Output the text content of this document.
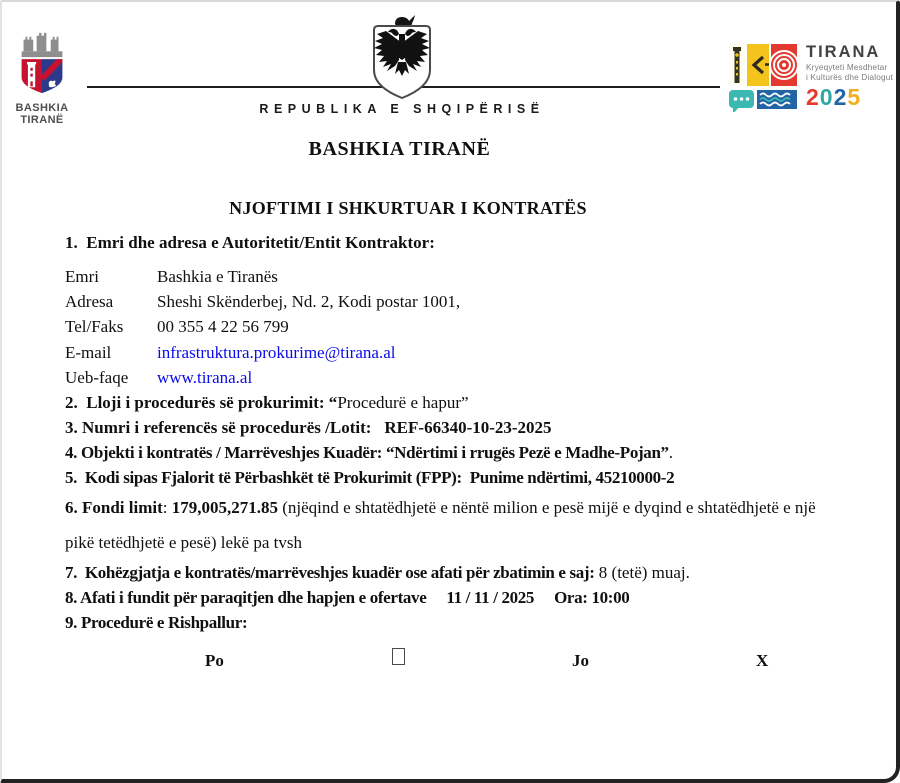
BASHKIA
TIRANË
REPUBLIKA E SHQIPËRISË
TIRANA
Kryeqyteti Mesdhetar
i Kulturës dhe Dialogut
2025
BASHKIA TIRANË
NJOFTIMI I SHKURTUAR I KONTRATËS

1.  Emri dhe adresa e Autoritetit/Entit Kontraktor:

Emri	Bashkia e Tiranës
Adresa	Sheshi Skënderbej, Nd. 2, Kodi postar 1001,
Tel/Faks	00 355 4 22 56 799
E-mail	infrastruktura.prokurime@tirana.al
Ueb-faqe	www.tirana.al

2.  Lloji i procedurës së prokurimit: “Procedurë e hapur”

3. Numri i referencës së procedurës /Lotit: REF-66340-10-23-2025

4. Objekti i kontratës / Marrëveshjes Kuadër: “Ndërtimi i rrugës Pezë e Madhe-Pojan”.

5.  Kodi sipas Fjalorit të Përbashkët të Prokurimit (FPP): Punime ndërtimi, 45210000-2

6. Fondi limit: 179,005,271.85 (njëqind e shtatëdhjetë e nëntë milion e pesë mijë e dyqind e shtatëdhjetë e një pikë tetëdhjetë e pesë) lekë pa tvsh

7.  Kohëzgjatja e kontratës/marrëveshjes kuadër ose afati për zbatimin e saj: 8 (tetë) muaj.

8. Afati i fundit për paraqitjen dhe hapjen e ofertave 11 / 11 / 2025 Ora: 10:00

9. Procedurë e Rishpallur:

Po	Jo	X
